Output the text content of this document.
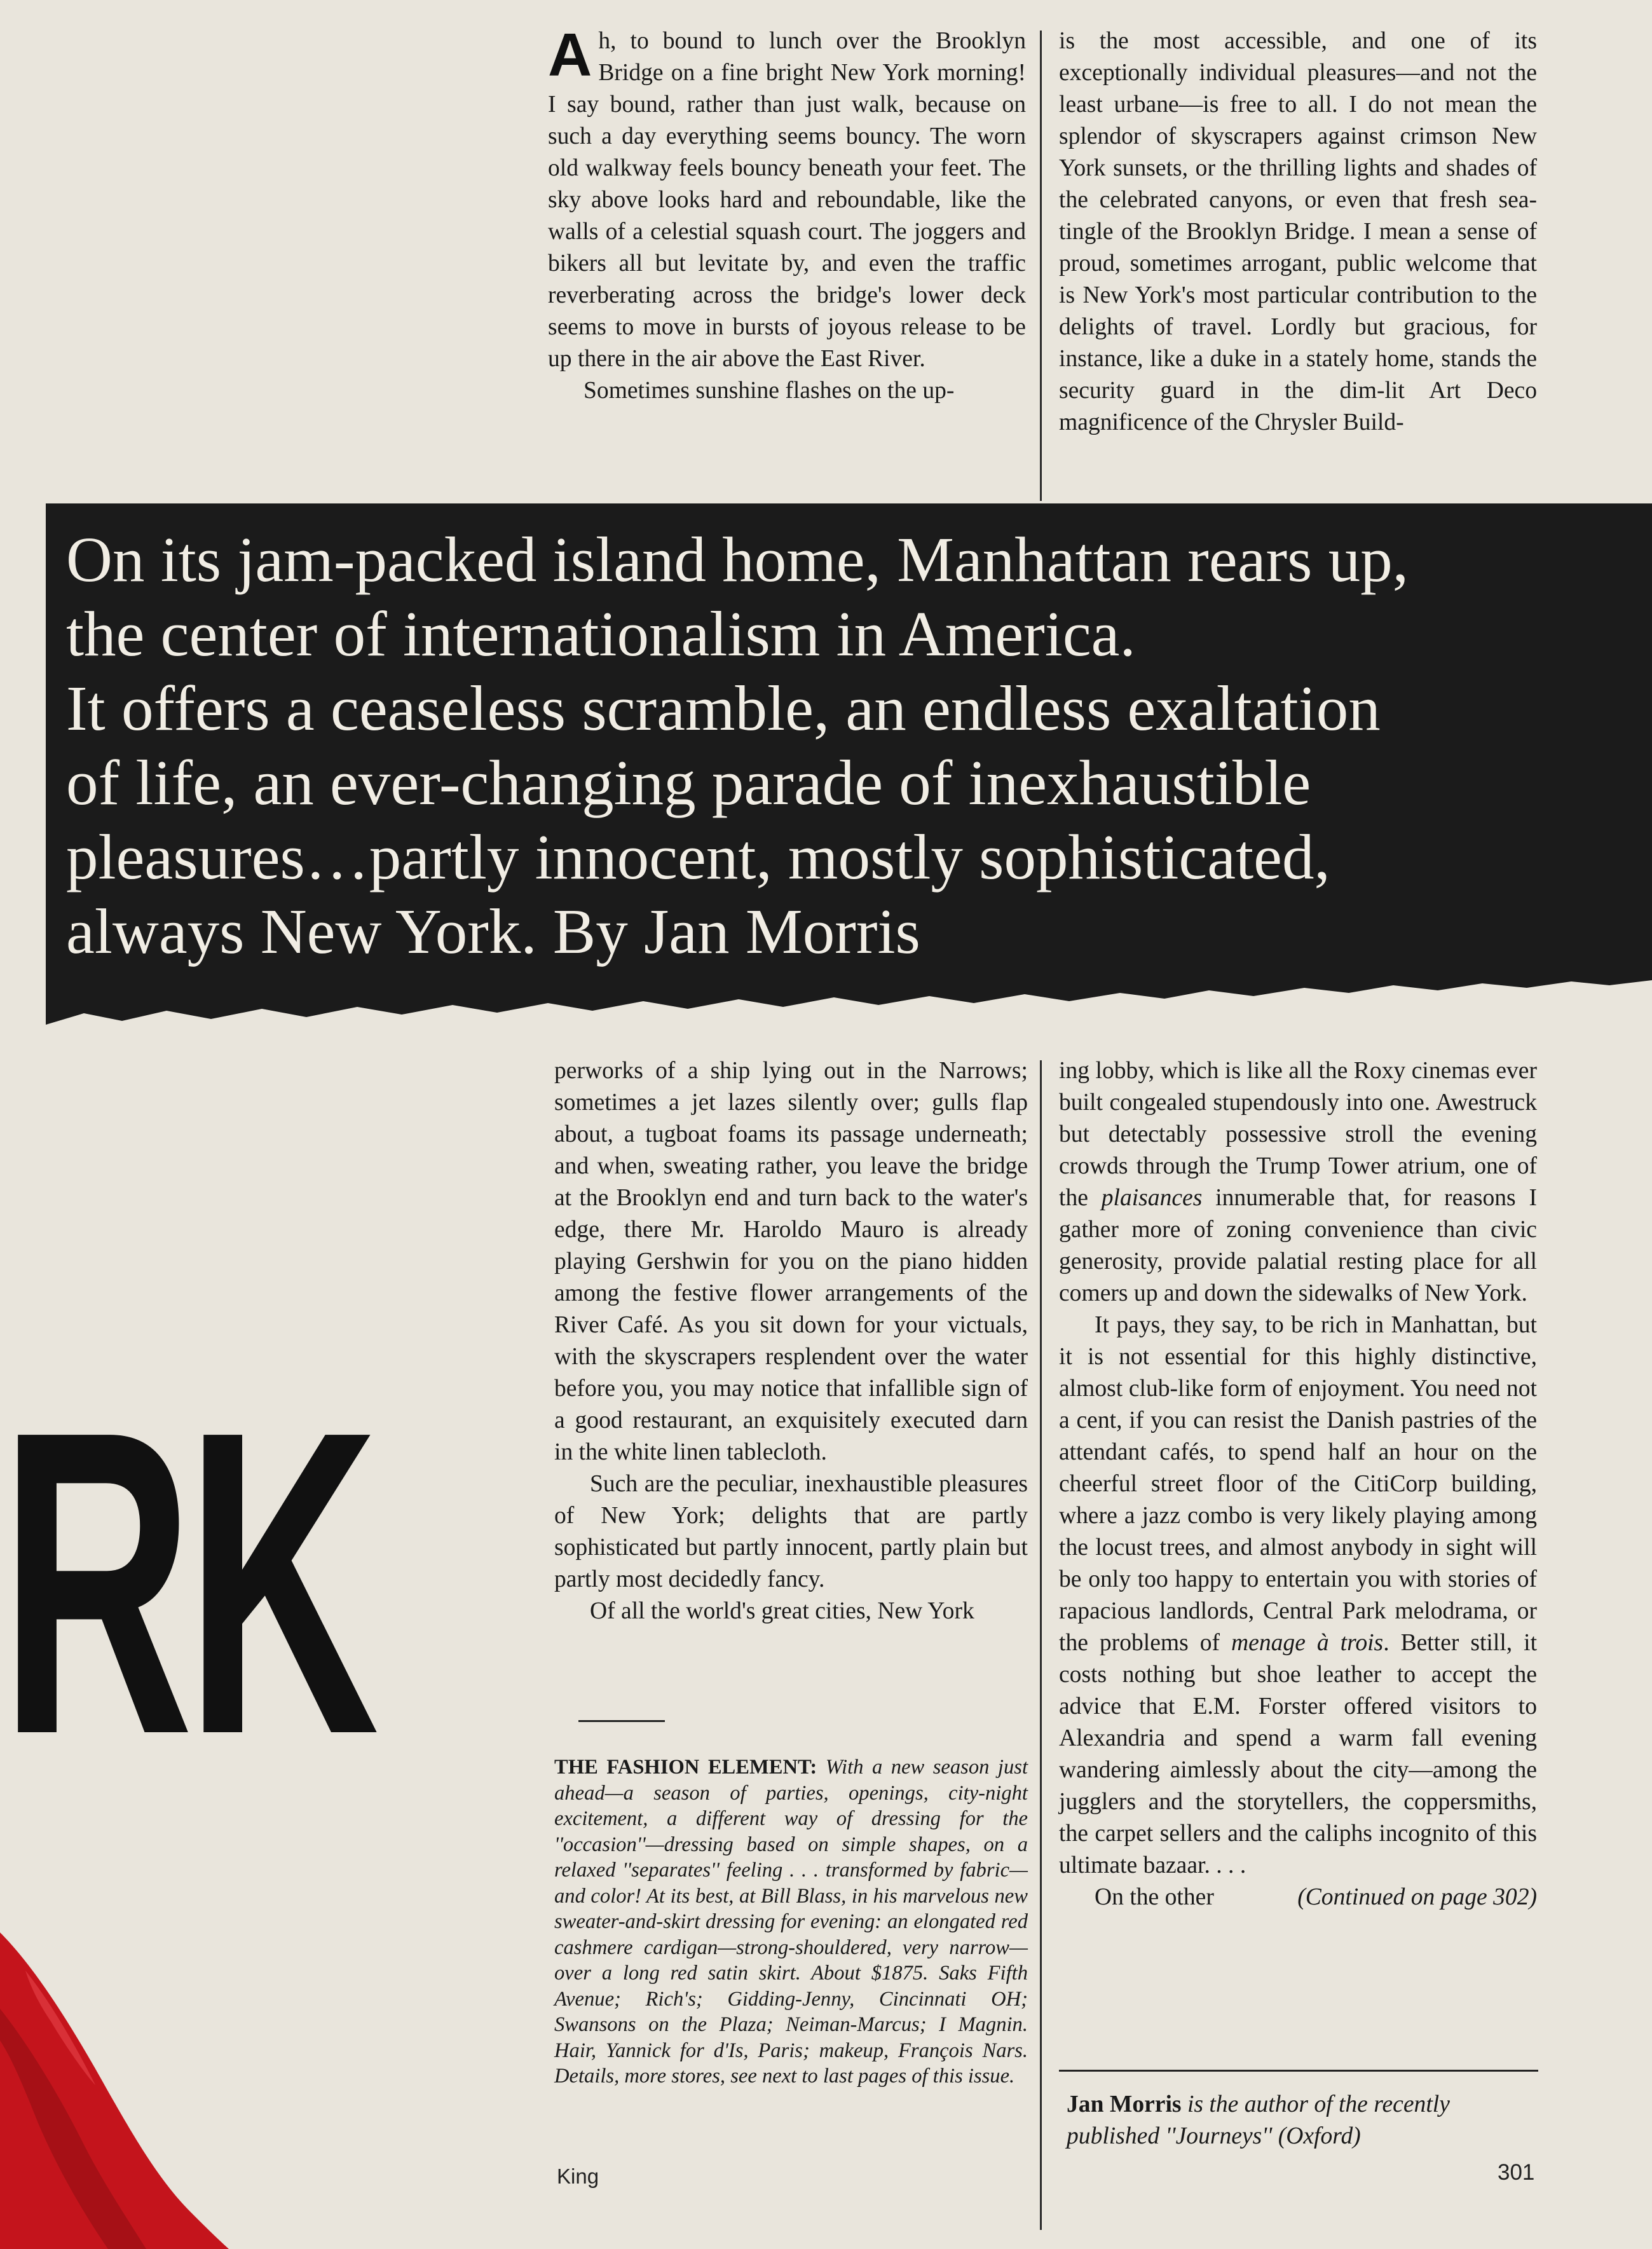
Ah, to bound to lunch over the Brooklyn Bridge on a fine bright New York morning! I say bound, rather than just walk, because on such a day everything seems bouncy. The worn old walkway feels bouncy beneath your feet. The sky above looks hard and reboundable, like the walls of a celestial squash court. The joggers and bikers all but levitate by, and even the traffic reverberating across the bridge's lower deck seems to move in bursts of joyous release to be up there in the air above the East River.

Sometimes sunshine flashes on the up-

is the most accessible, and one of its exceptionally individual pleasures—and not the least urbane—is free to all. I do not mean the splendor of skyscrapers against crimson New York sunsets, or the thrilling lights and shades of the celebrated canyons, or even that fresh sea-tingle of the Brooklyn Bridge. I mean a sense of proud, sometimes arrogant, public welcome that is New York's most particular contribution to the delights of travel. Lordly but gracious, for instance, like a duke in a stately home, stands the security guard in the dim-lit Art Deco magnificence of the Chrysler Build-

On its jam-packed island home, Manhattan rears up,
the center of internationalism in America.
It offers a ceaseless scramble, an endless exaltation
of life, an ever-changing parade of inexhaustible
pleasures…partly innocent, mostly sophisticated,
always New York. By Jan Morris
RK

perworks of a ship lying out in the Narrows; sometimes a jet lazes silently over; gulls flap about, a tugboat foams its passage underneath; and when, sweating rather, you leave the bridge at the Brooklyn end and turn back to the water's edge, there Mr. Haroldo Mauro is already playing Gershwin for you on the piano hidden among the festive flower arrangements of the River Café. As you sit down for your victuals, with the skyscrapers resplendent over the water before you, you may notice that infallible sign of a good restaurant, an exquisitely executed darn in the white linen tablecloth.

Such are the peculiar, inexhaustible pleasures of New York; delights that are partly sophisticated but partly innocent, partly plain but partly most decidedly fancy.

Of all the world's great cities, New York

THE FASHION ELEMENT: With a new season just ahead—a season of parties, openings, city-night excitement, a different way of dressing for the ''occasion''—dressing based on simple shapes, on a relaxed ''separates'' feeling . . . transformed by fabric—and color! At its best, at Bill Blass, in his marvelous new sweater-and-skirt dressing for evening: an elongated red cashmere cardigan—strong-shouldered, very narrow—over a long red satin skirt. About $1875. Saks Fifth Avenue; Rich's; Gidding-Jenny, Cincinnati OH; Swansons on the Plaza; Neiman-Marcus; I Magnin. Hair, Yannick for d'Is, Paris; makeup, François Nars. Details, more stores, see next to last pages of this issue.

ing lobby, which is like all the Roxy cinemas ever built congealed stupendously into one. Awestruck but detectably possessive stroll the evening crowds through the Trump Tower atrium, one of the plaisances innumerable that, for reasons I gather more of zoning convenience than civic generosity, provide palatial resting place for all comers up and down the sidewalks of New York.

It pays, they say, to be rich in Manhattan, but it is not essential for this highly distinctive, almost club-like form of enjoyment. You need not a cent, if you can resist the Danish pastries of the attendant cafés, to spend half an hour on the cheerful street floor of the CitiCorp building, where a jazz combo is very likely playing among the locust trees, and almost anybody in sight will be only too happy to entertain you with stories of rapacious landlords, Central Park melodrama, or the problems of menage à trois. Better still, it costs nothing but shoe leather to accept the advice that E.M. Forster offered visitors to Alexandria and spend a warm fall evening wandering aimlessly about the city—among the jugglers and the storytellers, the coppersmiths, the carpet sellers and the caliphs incognito of this ultimate bazaar. . . .

On the other	(Continued on page 302)

Jan Morris is the author of the recently published ''Journeys'' (Oxford)
King	301
